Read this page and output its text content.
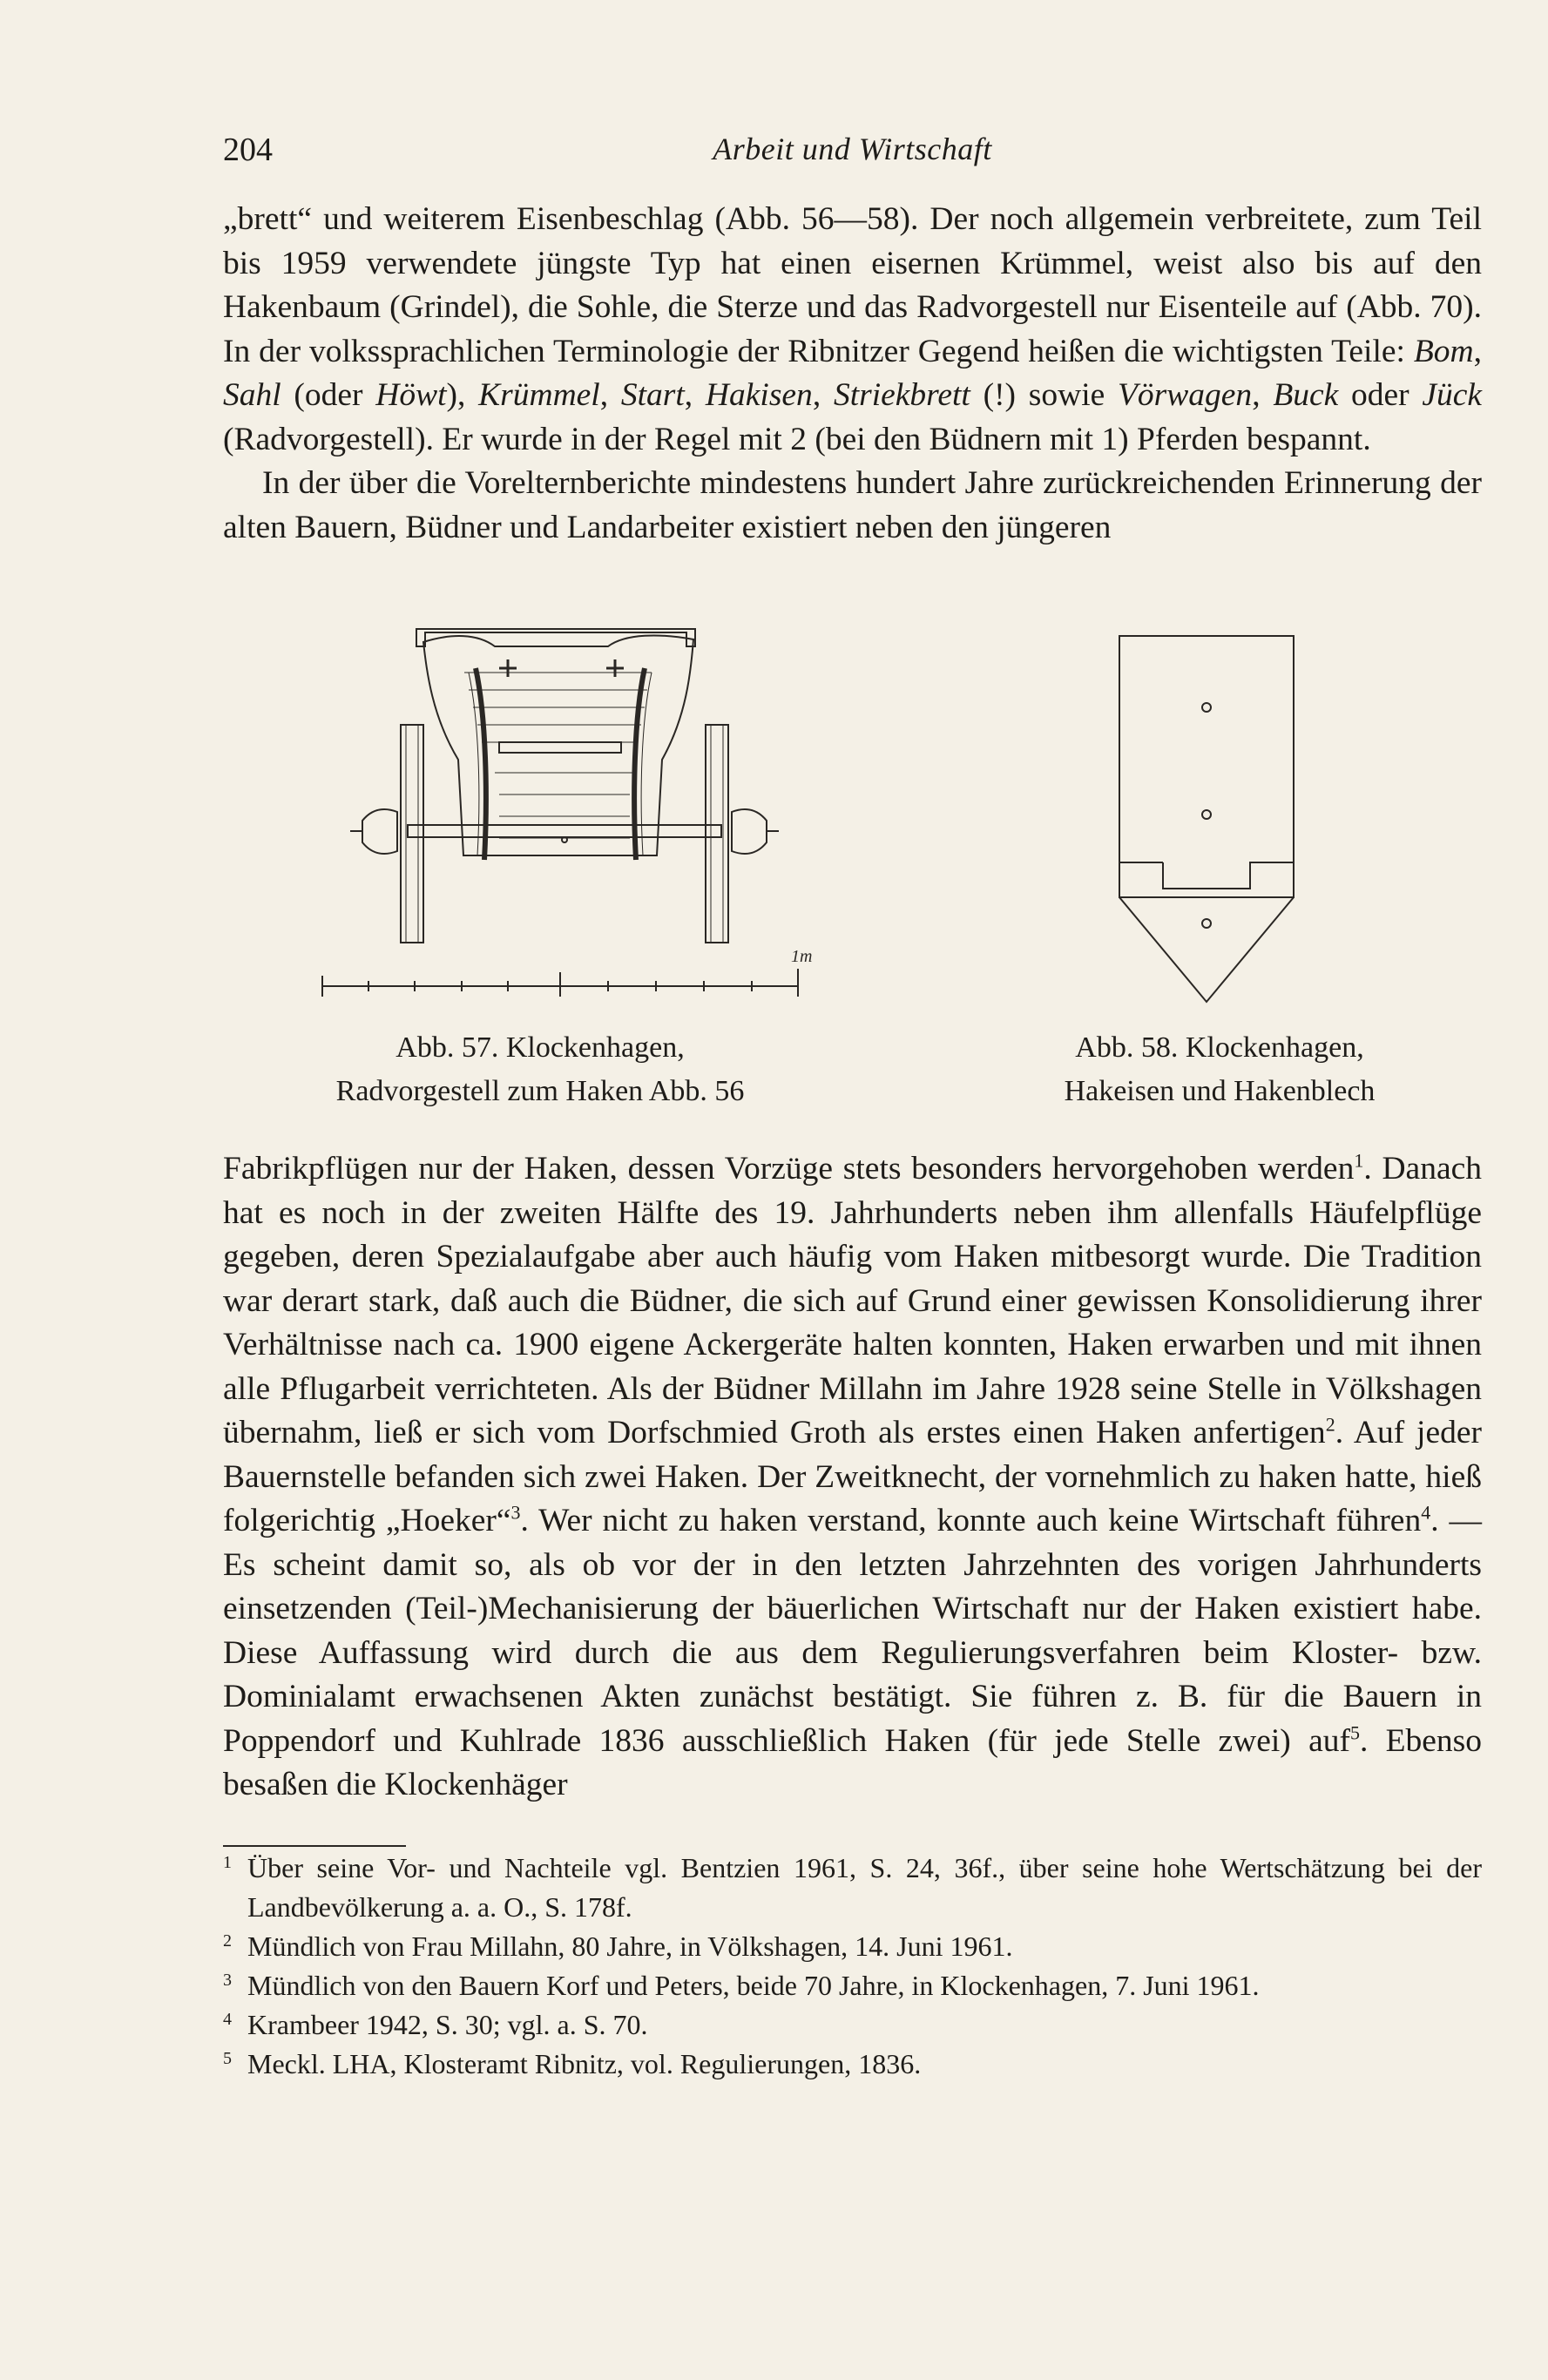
204	Arbeit und Wirtschaft

„brett“ und weiterem Eisenbeschlag (Abb. 56—58). Der noch allgemein verbreitete, zum Teil bis 1959 verwendete jüngste Typ hat einen eisernen Krümmel, weist also bis auf den Hakenbaum (Grindel), die Sohle, die Sterze und das Radvorgestell nur Eisenteile auf (Abb. 70). In der volkssprachlichen Terminologie der Ribnitzer Gegend heißen die wichtigsten Teile: Bom, Sahl (oder Höwt), Krümmel, Start, Hakisen, Striekbrett (!) sowie Vörwagen, Buck oder Jück (Radvorgestell). Er wurde in der Regel mit 2 (bei den Büdnern mit 1) Pferden bespannt.

In der über die Vorelternberichte mindestens hundert Jahre zurückreichenden Erinnerung der alten Bauern, Büdner und Landarbeiter existiert neben den jüngeren

1m
Abb. 57. Klockenhagen,
Radvorgestell zum Haken Abb. 56
Abb. 58. Klockenhagen,
Hakeisen und Hakenblech

Fabrikpflügen nur der Haken, dessen Vorzüge stets besonders hervorgehoben werden$^1$. Danach hat es noch in der zweiten Hälfte des 19. Jahrhunderts neben ihm allenfalls Häufelpflüge gegeben, deren Spezialaufgabe aber auch häufig vom Haken mitbesorgt wurde. Die Tradition war derart stark, daß auch die Büdner, die sich auf Grund einer gewissen Konsolidierung ihrer Verhältnisse nach ca. 1900 eigene Ackergeräte halten konnten, Haken erwarben und mit ihnen alle Pflugarbeit verrichteten. Als der Büdner Millahn im Jahre 1928 seine Stelle in Völkshagen übernahm, ließ er sich vom Dorfschmied Groth als erstes einen Haken anfertigen$^2$. Auf jeder Bauernstelle befanden sich zwei Haken. Der Zweitknecht, der vornehmlich zu haken hatte, hieß folgerichtig „Hoeker“$^3$. Wer nicht zu haken verstand, konnte auch keine Wirtschaft führen$^4$. — Es scheint damit so, als ob vor der in den letzten Jahrzehnten des vorigen Jahrhunderts einsetzenden (Teil-)Mechanisierung der bäuerlichen Wirtschaft nur der Haken existiert habe. Diese Auffassung wird durch die aus dem Regulierungsverfahren beim Kloster- bzw. Dominialamt erwachsenen Akten zunächst bestätigt. Sie führen z. B. für die Bauern in Poppendorf und Kuhlrade 1836 ausschließlich Haken (für jede Stelle zwei) auf$^5$. Ebenso besaßen die Klockenhäger

1 Über seine Vor- und Nachteile vgl. Bentzien 1961, S. 24, 36f., über seine hohe Wertschätzung bei der Landbevölkerung a. a. O., S. 178f.
2 Mündlich von Frau Millahn, 80 Jahre, in Völkshagen, 14. Juni 1961.
3 Mündlich von den Bauern Korf und Peters, beide 70 Jahre, in Klockenhagen, 7. Juni 1961.
4 Krambeer 1942, S. 30; vgl. a. S. 70.
5 Meckl. LHA, Klosteramt Ribnitz, vol. Regulierungen, 1836.
